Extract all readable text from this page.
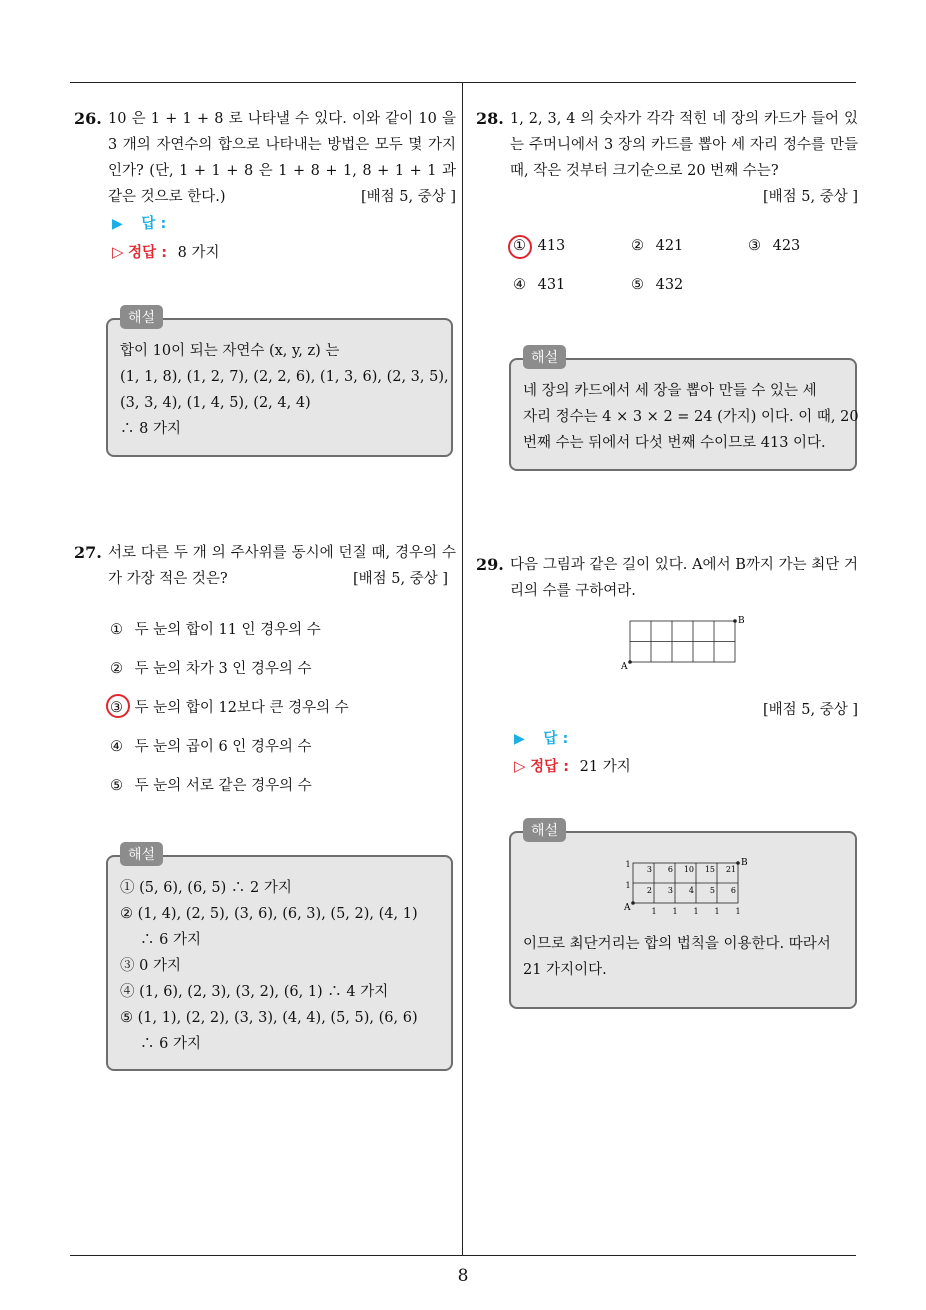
8
26. 10 은 1 + 1 + 8 로 나타낼 수 있다. 이와 같이 10 을 3 개의 자연수의 합으로 나타내는 방법은 모두 몇 가지 인가? (단, 1 + 1 + 8 은 1 + 8 + 1, 8 + 1 + 1 과 같은 것으로 한다.)	[배점 5, 중상 ]
▶ 답 :
▷ 정답 : 8 가지
해설
합이 10이 되는 자연수 (x, y, z) 는
(1, 1, 8), (1, 2, 7), (2, 2, 6), (1, 3, 6), (2, 3, 5),
(3, 3, 4), (1, 4, 5), (2, 4, 4)
∴ 8 가지
27. 서로 다른 두 개 의 주사위를 동시에 던질 때, 경우의 수가 가장 적은 것은?	[배점 5, 중상 ]
① 두 눈의 합이 11 인 경우의 수
② 두 눈의 차가 3 인 경우의 수
③ 두 눈의 합이 12보다 큰 경우의 수
④ 두 눈의 곱이 6 인 경우의 수
⑤ 두 눈의 서로 같은 경우의 수
해설
① (5, 6), (6, 5) ∴ 2 가지
② (1, 4), (2, 5), (3, 6), (6, 3), (5, 2), (4, 1)
∴ 6 가지
③ 0 가지
④ (1, 6), (2, 3), (3, 2), (6, 1) ∴ 4 가지
⑤ (1, 1), (2, 2), (3, 3), (4, 4), (5, 5), (6, 6)
∴ 6 가지
28. 1, 2, 3, 4 의 숫자가 각각 적힌 네 장의 카드가 들어 있는 주머니에서 3 장의 카드를 뽑아 세 자리 정수를 만들 때, 작은 것부터 크기순으로 20 번째 수는?
[배점 5, 중상 ]
① 413	② 421	③ 423
④ 431	⑤ 432
해설
네 장의 카드에서 세 장을 뽑아 만들 수 있는 세
자리 정수는 4 × 3 × 2 = 24 (가지) 이다. 이 때, 20
번째 수는 뒤에서 다섯 번째 수이므로 413 이다.
29. 다음 그림과 같은 길이 있다. A에서 B까지 가는 최단 거리의 수를 구하여라.
A
B
[배점 5, 중상 ]
▶ 답 :
▷ 정답 : 21 가지
해설
A
B
3 6 10 15 21
2 3 4 5 6
1 1 1 1 1
1
1
이므로 최단거리는 합의 법칙을 이용한다. 따라서
21 가지이다.
